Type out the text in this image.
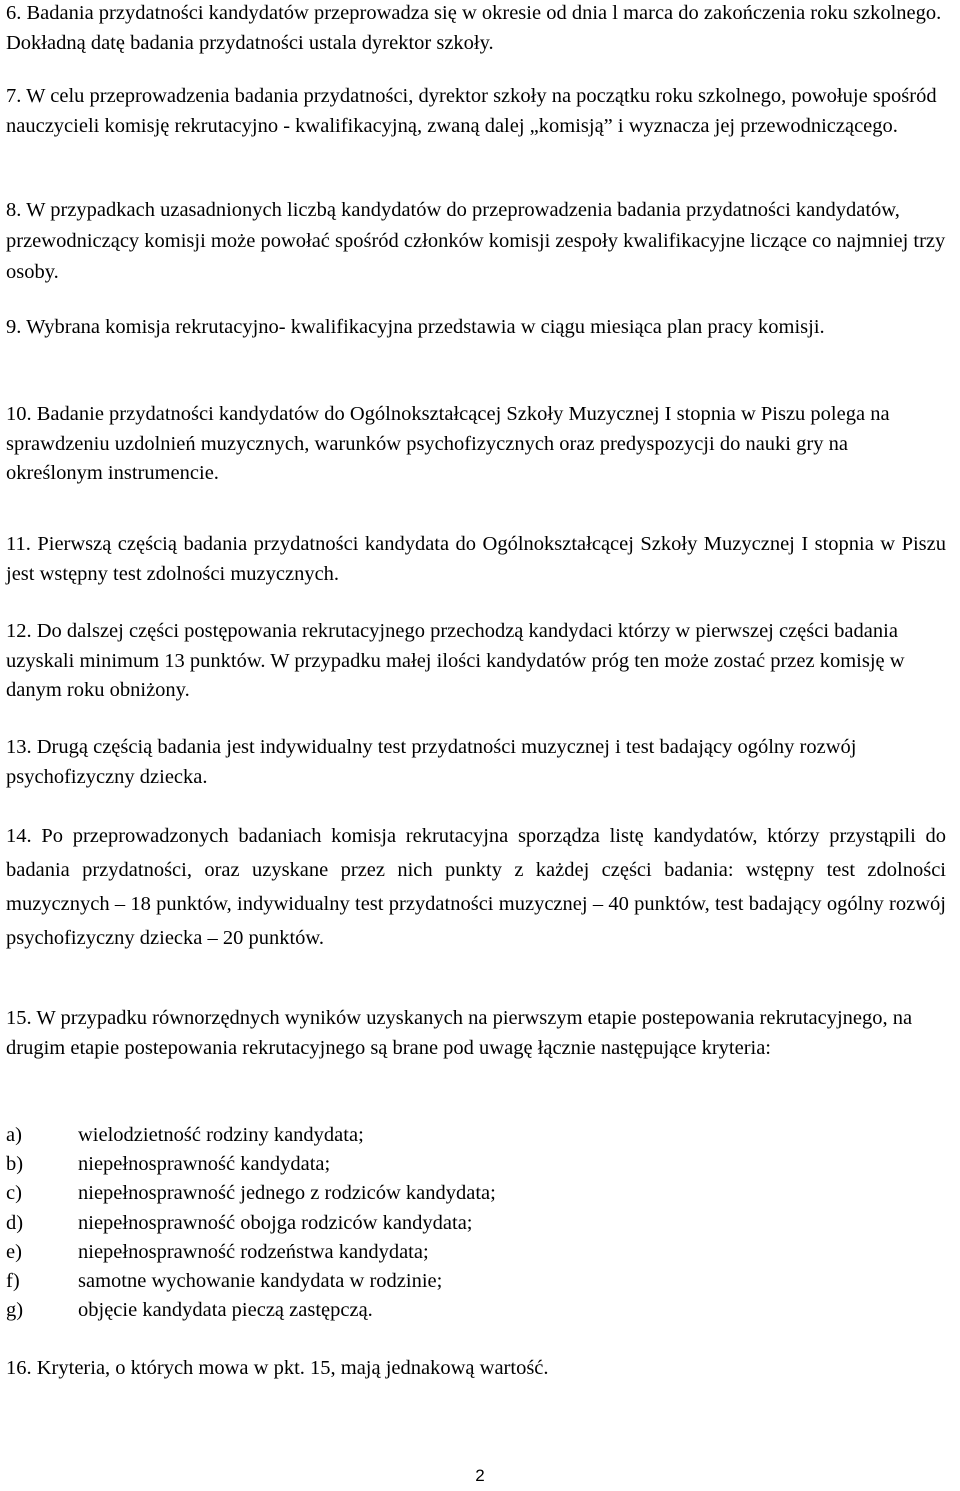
6. Badania przydatności kandydatów przeprowadza się w okresie od dnia l marca do zakończenia roku szkolnego. Dokładną datę badania przydatności ustala dyrektor szkoły.

7. W celu przeprowadzenia badania przydatności, dyrektor szkoły na początku roku szkolnego, powołuje spośród nauczycieli komisję rekrutacyjno - kwalifikacyjną, zwaną dalej „komisją” i wyznacza jej przewodniczącego.

8. W przypadkach uzasadnionych liczbą kandydatów do przeprowadzenia badania przydatności kandydatów, przewodniczący komisji może powołać spośród członków komisji zespoły kwalifikacyjne liczące co najmniej trzy osoby.

9. Wybrana komisja rekrutacyjno- kwalifikacyjna przedstawia w ciągu miesiąca plan pracy komisji.

10. Badanie przydatności kandydatów do Ogólnokształcącej Szkoły Muzycznej I stopnia w Piszu polega na sprawdzeniu uzdolnień muzycznych, warunków psychofizycznych oraz predyspozycji do nauki gry na określonym instrumencie.

11. Pierwszą częścią badania przydatności kandydata do Ogólnokształcącej Szkoły Muzycznej I stopnia w Piszu jest wstępny test zdolności muzycznych.

12. Do dalszej części postępowania rekrutacyjnego przechodzą kandydaci którzy w pierwszej części badania uzyskali minimum 13 punktów. W przypadku małej ilości kandydatów próg ten może zostać przez komisję w danym roku obniżony.

13. Drugą częścią badania jest indywidualny test przydatności muzycznej i test badający ogólny rozwój psychofizyczny dziecka.

14. Po przeprowadzonych badaniach komisja rekrutacyjna sporządza listę kandydatów, którzy przystąpili do badania przydatności, oraz uzyskane przez nich punkty z każdej części badania: wstępny test zdolności muzycznych – 18 punktów, indywidualny test przydatności muzycznej – 40 punktów, test badający ogólny rozwój psychofizyczny dziecka – 20 punktów.

15. W przypadku równorzędnych wyników uzyskanych na pierwszym etapie postepowania rekrutacyjnego, na drugim etapie postepowania rekrutacyjnego są brane pod uwagę łącznie następujące kryteria:

a)	wielodzietność rodziny kandydata;
b)	niepełnosprawność kandydata;
c)	niepełnosprawność jednego z rodziców kandydata;
d)	niepełnosprawność obojga rodziców kandydata;
e)	niepełnosprawność rodzeństwa kandydata;
f)	samotne wychowanie kandydata w rodzinie;
g)	objęcie kandydata pieczą zastępczą.

16. Kryteria, o których mowa w pkt. 15, mają jednakową wartość.

2
